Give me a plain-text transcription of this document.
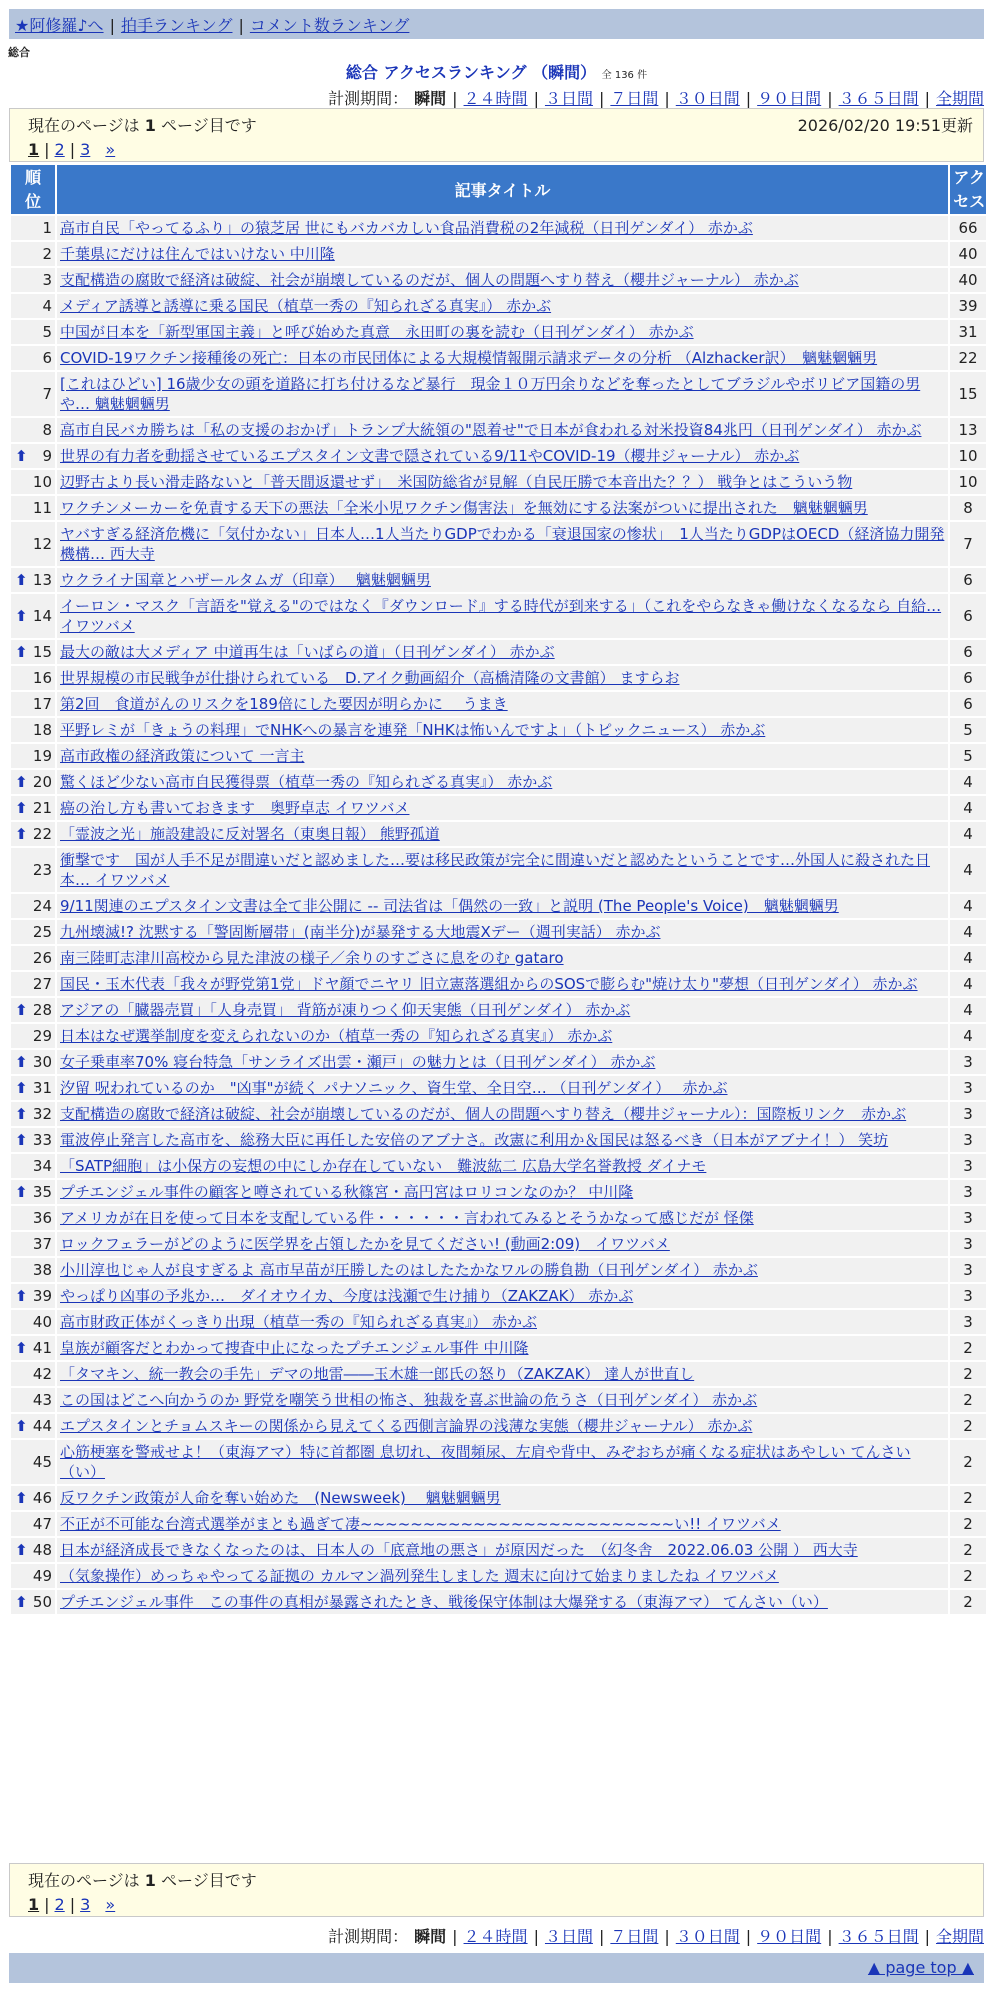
★阿修羅♪へ | 拍手ランキング | コメント数ランキング
総合
総合 アクセスランキング （瞬間） 全 136 件
計測期間： 瞬間 | ２４時間 | ３日間 | ７日間 | ３０日間 | ９０日間 | ３６５日間 | 全期間
現在のページは 1 ページ目です	2026/02/20 19:51更新
1 | 2 | 3 »
順位	記事タイトル	アクセス
1	高市自民「やってるふり」の猿芝居 世にもバカバカしい食品消費税の2年減税（日刊ゲンダイ） 赤かぶ	66
2	千葉県にだけは住んではいけない 中川隆	40
3	支配構造の腐敗で経済は破綻、社会が崩壊しているのだが、個人の問題へすり替え（櫻井ジャーナル） 赤かぶ	40
4	メディア誘導と誘導に乗る国民（植草一秀の『知られざる真実』） 赤かぶ	39
5	中国が日本を「新型軍国主義」と呼び始めた真意　永田町の裏を読む（日刊ゲンダイ） 赤かぶ	31
6	COVID-19ワクチン接種後の死亡：日本の市民団体による大規模情報開示請求データの分析 （Alzhacker訳）　魑魅魍魎男	22
7	[これはひどい] 16歳少女の頭を道路に打ち付けるなど暴行　現金１０万円余りなどを奪ったとしてブラジルやボリビア国籍の男や… 魑魅魍魎男	15
8	高市自民バカ勝ちは「私の支援のおかげ」トランプ大統領の"恩着せ"で日本が食われる対米投資84兆円（日刊ゲンダイ） 赤かぶ	13

⬆ 9	世界の有力者を動揺させているエプスタイン文書で隠されている9/11やCOVID-19（櫻井ジャーナル） 赤かぶ	10
10	辺野古より長い滑走路ないと「普天間返還せず」　米国防総省が見解（自民圧勝で本音出た？？） 戦争とはこういう物	10
11	ワクチンメーカーを免責する天下の悪法「全米小児ワクチン傷害法」を無効にする法案がついに提出された　魑魅魍魎男	8
12	ヤバすぎる経済危機に「気付かない」日本人…1人当たりGDPでわかる「衰退国家の惨状」　1人当たりGDPはOECD（経済協力開発機構… 西大寺	7

⬆ 13	ウクライナ国章とハザールタムガ（印章）　 魑魅魍魎男	6

⬆ 14	イーロン・マスク「言語を"覚える"のではなく『ダウンロード』する時代が到来する」（これをやらなきゃ働けなくなるなら 自給… イワツバメ	6

⬆ 15	最大の敵は大メディア 中道再生は「いばらの道」（日刊ゲンダイ） 赤かぶ	6
16	世界規模の市民戦争が仕掛けられている　D.アイク動画紹介（高橋清隆の文書館） ますらお	6
17	第2回　食道がんのリスクを189倍にした要因が明らかに　 うまき	6
18	平野レミが「きょうの料理」でNHKへの暴言を連発「NHKは怖いんですよ」（トピックニュース） 赤かぶ	5
19	高市政権の経済政策について 一言主	5

⬆ 20	驚くほど少ない高市自民獲得票（植草一秀の『知られざる真実』） 赤かぶ	4

⬆ 21	癌の治し方も書いておきます　奥野卓志 イワツバメ	4

⬆ 22	「霊波之光」施設建設に反対署名（東奥日報） 熊野孤道	4
23	衝撃です　国が人手不足が間違いだと認めました…要は移民政策が完全に間違いだと認めたということです…外国人に殺された日本… イワツバメ	4
24	9/11関連のエプスタイン文書は全て非公開に -- 司法省は「偶然の一致」と説明 (The People's Voice)　魑魅魍魎男	4
25	九州壊滅!? 沈黙する「警固断層帯」(南半分)が暴発する大地震Xデー（週刊実話） 赤かぶ	4
26	南三陸町志津川高校から見た津波の様子／余りのすごさに息をのむ gataro	4
27	国民・玉木代表「我々が野党第1党」ドヤ顔でニヤリ 旧立憲落選組からのSOSで膨らむ"焼け太り"夢想（日刊ゲンダイ） 赤かぶ	4

⬆ 28	アジアの「臓器売買」「人身売買」 背筋が凍りつく仰天実態（日刊ゲンダイ） 赤かぶ	4
29	日本はなぜ選挙制度を変えられないのか（植草一秀の『知られざる真実』） 赤かぶ	4

⬆ 30	女子乗車率70% 寝台特急「サンライズ出雲・瀬戸」の魅力とは（日刊ゲンダイ） 赤かぶ	3

⬆ 31	汐留 呪われているのか　"凶事"が続く パナソニック、資生堂、全日空… （日刊ゲンダイ）　 赤かぶ	3

⬆ 32	支配構造の腐敗で経済は破綻、社会が崩壊しているのだが、個人の問題へすり替え（櫻井ジャーナル）：国際板リンク　赤かぶ	3

⬆ 33	電波停止発言した高市を、総務大臣に再任した安倍のアブナさ。改憲に利用か＆国民は怒るべき（日本がアブナイ！） 笑坊	3
34	「SATP細胞」は小保方の妄想の中にしか存在していない　難波紘二 広島大学名誉教授 ダイナモ	3

⬆ 35	プチエンジェル事件の顧客と噂されている秋篠宮・高円宮はロリコンなのか？ 中川隆	3
36	アメリカが在日を使って日本を支配している件・・・・・・言われてみるとそうかなって感じだが 怪傑	3
37	ロックフェラーがどのように医学界を占領したかを見てください! (動画2:09)　イワツバメ	3
38	小川淳也じゃ人が良すぎるよ 高市早苗が圧勝したのはしたたかなワルの勝負勘（日刊ゲンダイ） 赤かぶ	3

⬆ 39	やっぱり凶事の予兆か…　ダイオウイカ、今度は浅瀬で生け捕り（ZAKZAK） 赤かぶ	3
40	高市財政正体がくっきり出現（植草一秀の『知られざる真実』） 赤かぶ	3

⬆ 41	皇族が顧客だとわかって捜査中止になったプチエンジェル事件 中川隆	2
42	「タマキン、統一教会の手先」デマの地雷――玉木雄一郎氏の怒り（ZAKZAK） 達人が世直し	2
43	この国はどこへ向かうのか 野党を嘲笑う世相の怖さ、独裁を喜ぶ世論の危うさ（日刊ゲンダイ） 赤かぶ	2

⬆ 44	エプスタインとチョムスキーの関係から見えてくる西側言論界の浅薄な実態（櫻井ジャーナル） 赤かぶ	2
45	心筋梗塞を警戒せよ！（東海アマ）特に首都圏 息切れ、夜間頻尿、左肩や背中、みぞおちが痛くなる症状はあやしい てんさい（い）	2

⬆ 46	反ワクチン政策が人命を奪い始めた　(Newsweek)　 魑魅魍魎男	2
47	不正が不可能な台湾式選挙がまとも過ぎて凄~~~~~~~~~~~~~~~~~~~~~~~~~い!! イワツバメ	2

⬆ 48	日本が経済成長できなくなったのは、日本人の「底意地の悪さ」が原因だった　（幻冬舎　2022.06.03 公開 ） 西大寺	2
49	（気象操作）めっちゃやってる証拠の カルマン渦列発生しました 週末に向けて始まりましたね イワツバメ	2

⬆ 50	プチエンジェル事件　この事件の真相が暴露されたとき、戦後保守体制は大爆発する（東海アマ） てんさい（い）	2
現在のページは 1 ページ目です
1 | 2 | 3 »
計測期間： 瞬間 | ２４時間 | ３日間 | ７日間 | ３０日間 | ９０日間 | ３６５日間 | 全期間
▲ page top ▲
